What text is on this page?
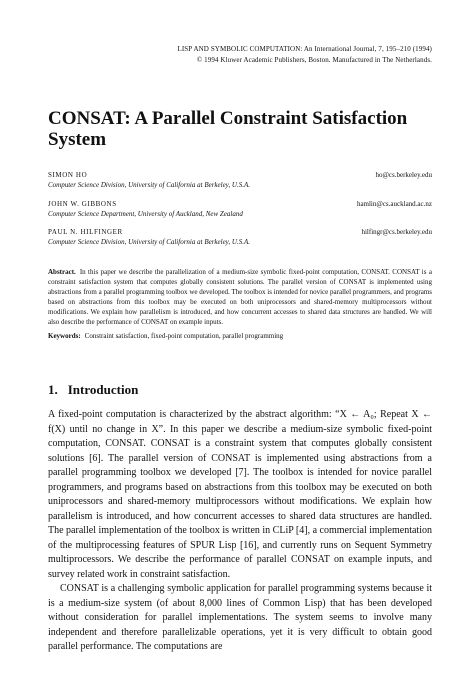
LISP AND SYMBOLIC COMPUTATION: An International Journal, 7, 195–210 (1994)
© 1994 Kluwer Academic Publishers, Boston. Manufactured in The Netherlands.
CONSAT: A Parallel Constraint Satisfaction System
SIMON HO	ho@cs.berkeley.edu
Computer Science Division, University of California at Berkeley, U.S.A.
JOHN W. GIBBONS	hamlin@cs.auckland.ac.nz
Computer Science Department, University of Auckland, New Zealand
PAUL N. HILFINGER	hilfingr@cs.berkeley.edu
Computer Science Division, University of California at Berkeley, U.S.A.
Abstract. In this paper we describe the parallelization of a medium-size symbolic fixed-point computation, CONSAT. CONSAT is a constraint satisfaction system that computes globally consistent solutions. The parallel version of CONSAT is implemented using abstractions from a parallel programming toolbox we developed. The toolbox is intended for novice parallel programmers, and programs based on abstractions from this toolbox may be executed on both uniprocessors and shared-memory multiprocessors without modifications. We explain how parallelism is introduced, and how concurrent accesses to shared data structures are handled. We will also describe the performance of CONSAT on example inputs.
Keywords: Constraint satisfaction, fixed-point computation, parallel programming
1. Introduction

A fixed-point computation is characterized by the abstract algorithm: “X ← A₀; Repeat X ← f(X) until no change in X”. In this paper we describe a medium-size symbolic fixed-point computation, CONSAT. CONSAT is a constraint system that computes globally consistent solutions [6]. The parallel version of CONSAT is implemented using abstractions from a parallel programming toolbox we developed [7]. The toolbox is intended for novice parallel programmers, and programs based on abstractions from this toolbox may be executed on both uniprocessors and shared-memory multiprocessors without modifications. We explain how parallelism is introduced, and how concurrent accesses to shared data structures are handled. The parallel implementation of the toolbox is written in CLiP [4], a commercial implementation of the multiprocessing features of SPUR Lisp [16], and currently runs on Sequent Symmetry multiprocessors. We describe the performance of parallel CONSAT on example inputs, and survey related work in constraint satisfaction.

CONSAT is a challenging symbolic application for parallel programming systems because it is a medium-size system (of about 8,000 lines of Common Lisp) that has been developed without consideration for parallel implementations. The system seems to involve many independent and therefore parallelizable operations, yet it is very difficult to obtain good parallel performance. The computations are
